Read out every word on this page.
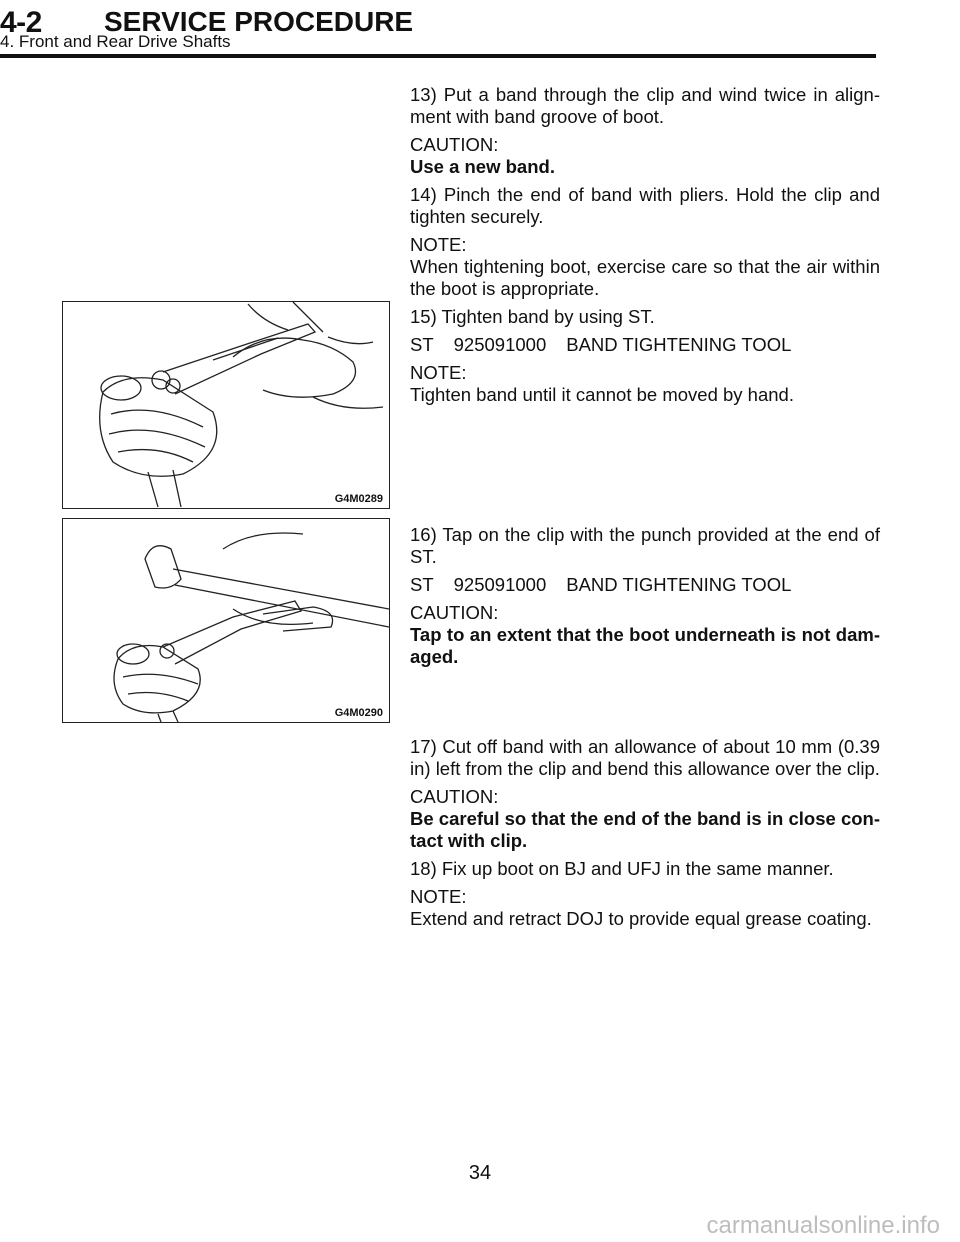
4-2 SERVICE PROCEDURE
4. Front and Rear Drive Shafts

13) Put a band through the clip and wind twice in align-ment with band groove of boot.

CAUTION:

Use a new band.

14) Pinch the end of band with pliers. Hold the clip and tighten securely.

NOTE:

When tightening boot, exercise care so that the air within the boot is appropriate.

G4M0289

15) Tighten band by using ST.

ST 925091000 BAND TIGHTENING TOOL

NOTE:

Tighten band until it cannot be moved by hand.

G4M0290

16) Tap on the clip with the punch provided at the end of ST.

ST 925091000 BAND TIGHTENING TOOL

CAUTION:

Tap to an extent that the boot underneath is not dam-aged.

17) Cut off band with an allowance of about 10 mm (0.39 in) left from the clip and bend this allowance over the clip.

CAUTION:

Be careful so that the end of the band is in close con-tact with clip.

18) Fix up boot on BJ and UFJ in the same manner.

NOTE:

Extend and retract DOJ to provide equal grease coating.

34
carmanualsonline.info
